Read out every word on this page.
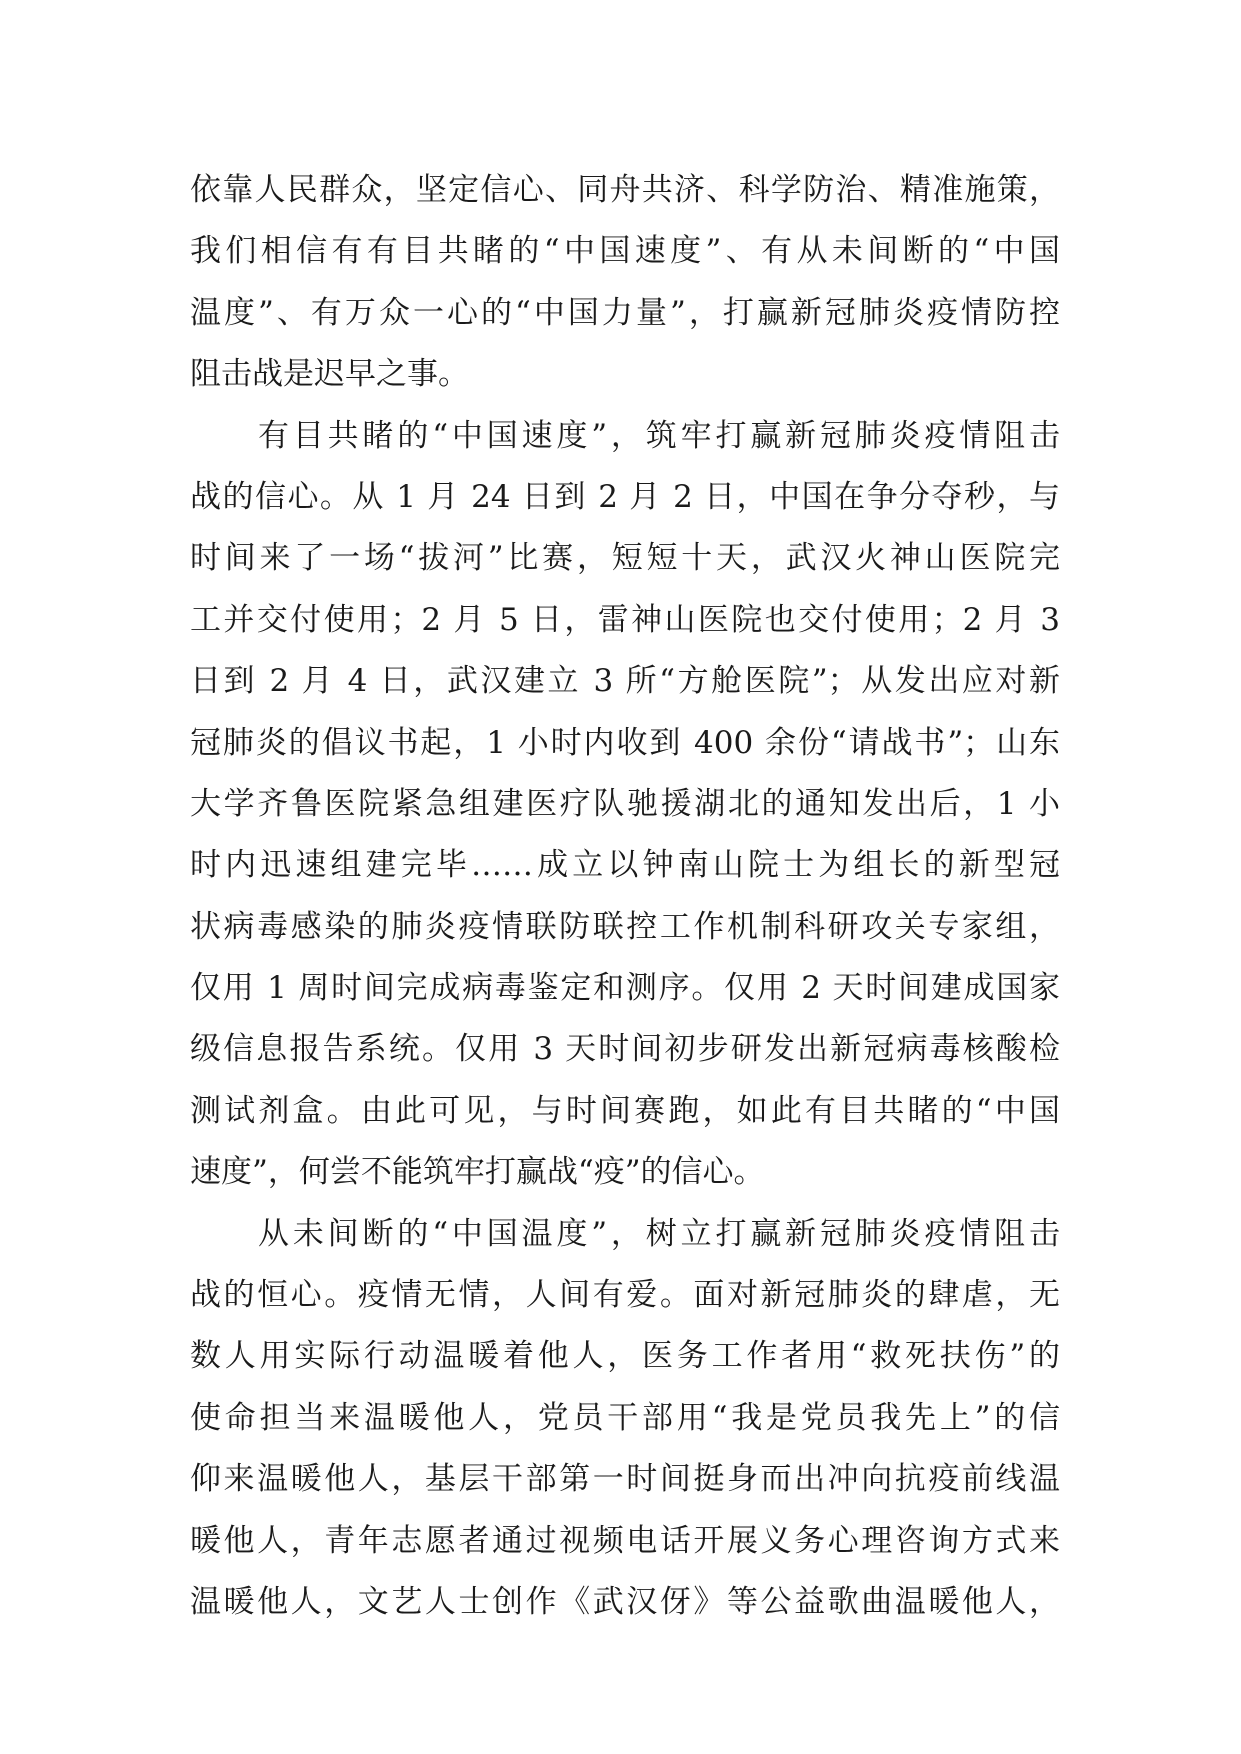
依靠人民群众，坚定信心、同舟共济、科学防治、精准施策，
我们相信有有目共睹的“中国速度”、有从未间断的“中国
温度”、有万众一心的“中国力量”，打赢新冠肺炎疫情防控
阻击战是迟早之事。
有目共睹的“中国速度”，筑牢打赢新冠肺炎疫情阻击
战的信心。从 1 月 24 日到 2 月 2 日，中国在争分夺秒，与
时间来了一场“拔河”比赛，短短十天，武汉火神山医院完
工并交付使用；2 月 5 日，雷神山医院也交付使用；2 月 3
日到 2 月 4 日，武汉建立 3 所“方舱医院”；从发出应对新
冠肺炎的倡议书起，1 小时内收到 400 余份“请战书”；山东
大学齐鲁医院紧急组建医疗队驰援湖北的通知发出后，1 小
时内迅速组建完毕……成立以钟南山院士为组长的新型冠
状病毒感染的肺炎疫情联防联控工作机制科研攻关专家组，
仅用 1 周时间完成病毒鉴定和测序。仅用 2 天时间建成国家
级信息报告系统。仅用 3 天时间初步研发出新冠病毒核酸检
测试剂盒。由此可见，与时间赛跑，如此有目共睹的“中国
速度”，何尝不能筑牢打赢战“疫”的信心。
从未间断的“中国温度”，树立打赢新冠肺炎疫情阻击
战的恒心。疫情无情，人间有爱。面对新冠肺炎的肆虐，无
数人用实际行动温暖着他人，医务工作者用“救死扶伤”的
使命担当来温暖他人，党员干部用“我是党员我先上”的信
仰来温暖他人，基层干部第一时间挺身而出冲向抗疫前线温
暖他人，青年志愿者通过视频电话开展义务心理咨询方式来
温暖他人，文艺人士创作《武汉伢》等公益歌曲温暖他人，
